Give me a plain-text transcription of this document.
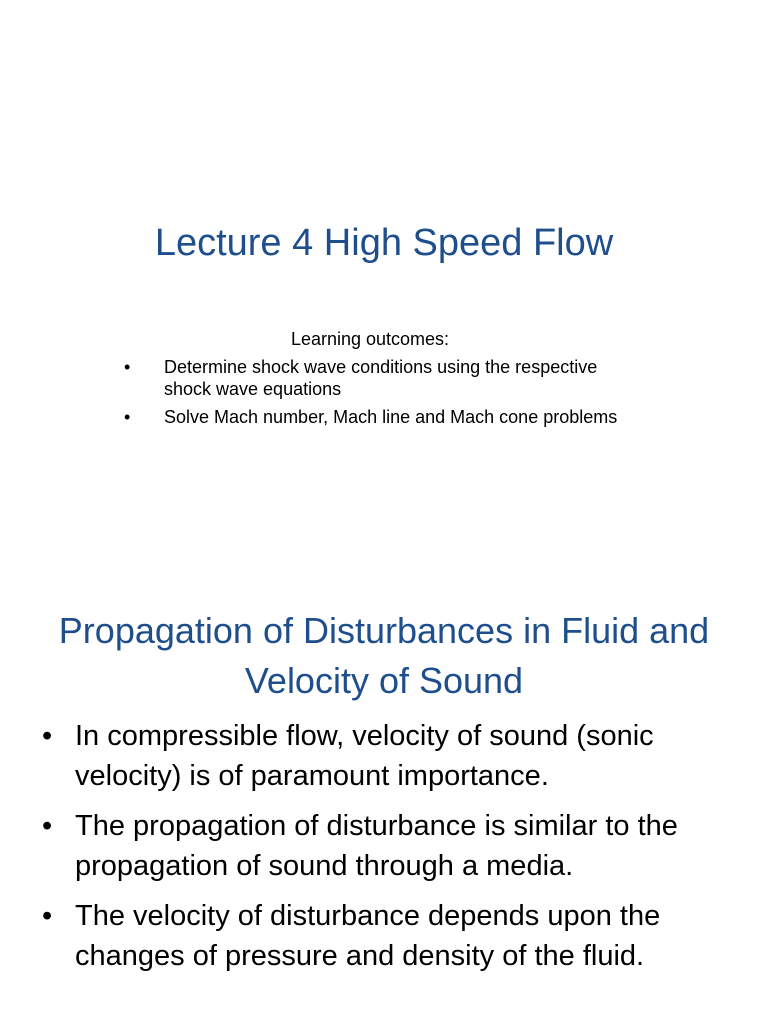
Lecture 4 High Speed Flow
Learning outcomes:
• Determine shock wave conditions using the respective shock wave equations
• Solve Mach number, Mach line and Mach cone problems
Propagation of Disturbances in Fluid and Velocity of Sound
• In compressible flow, velocity of sound (sonic velocity) is of paramount importance.
• The propagation of disturbance is similar to the propagation of sound through a media.
• The velocity of disturbance depends upon the changes of pressure and density of the fluid.
